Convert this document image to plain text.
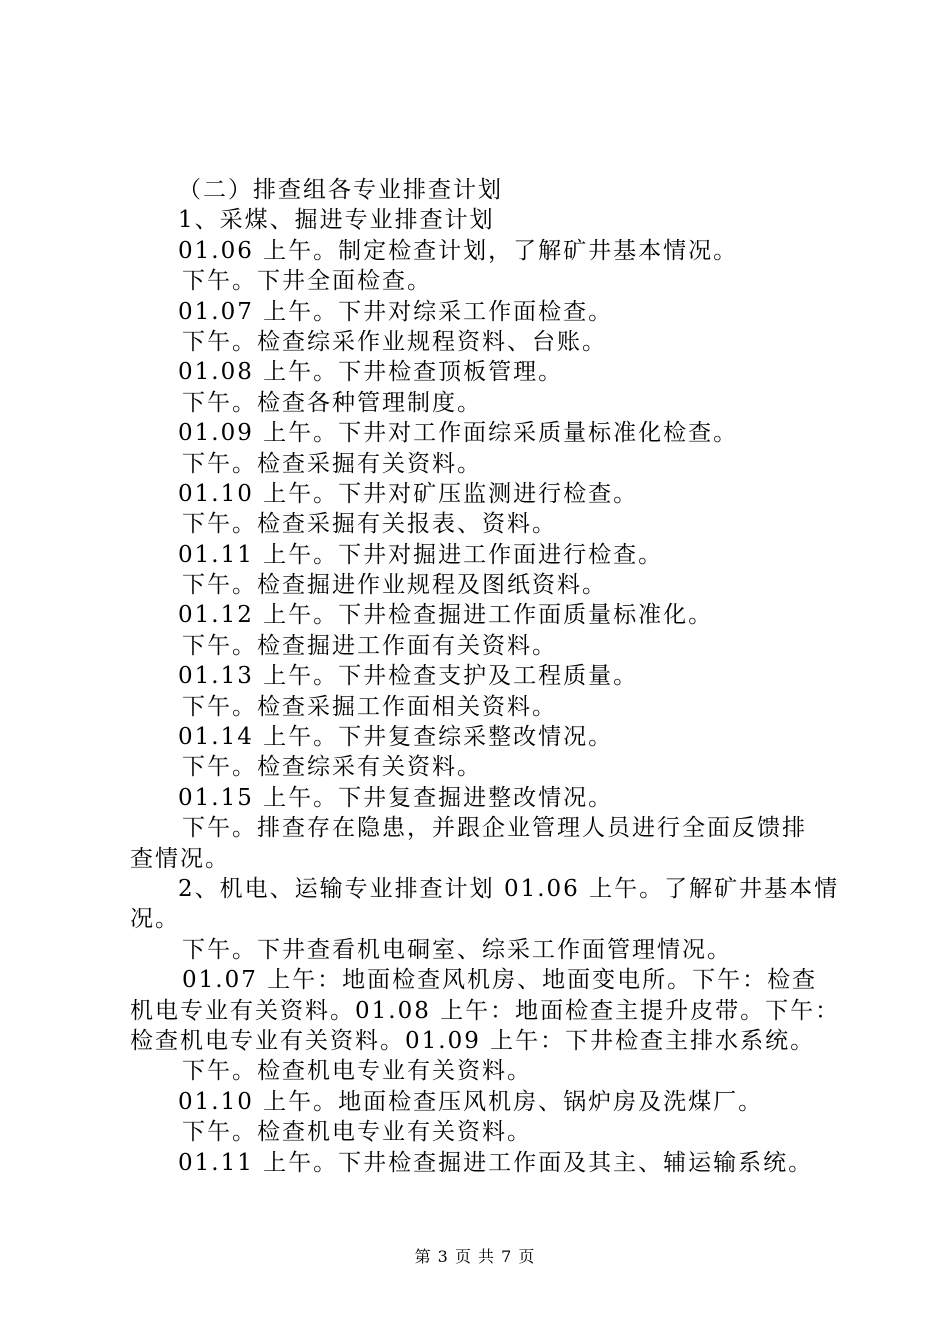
（二）排查组各专业排查计划
1、采煤、掘进专业排查计划
01.06 上午。制定检查计划，了解矿井基本情况。
下午。下井全面检查。
01.07 上午。下井对综采工作面检查。
下午。检查综采作业规程资料、台账。
01.08 上午。下井检查顶板管理。
下午。检查各种管理制度。
01.09 上午。下井对工作面综采质量标准化检查。
下午。检查采掘有关资料。
01.10 上午。下井对矿压监测进行检查。
下午。检查采掘有关报表、资料。
01.11 上午。下井对掘进工作面进行检查。
下午。检查掘进作业规程及图纸资料。
01.12 上午。下井检查掘进工作面质量标准化。
下午。检查掘进工作面有关资料。
01.13 上午。下井检查支护及工程质量。
下午。检查采掘工作面相关资料。
01.14 上午。下井复查综采整改情况。
下午。检查综采有关资料。
01.15 上午。下井复查掘进整改情况。
下午。排查存在隐患，并跟企业管理人员进行全面反馈排
查情况。
2、机电、运输专业排查计划 01.06 上午。了解矿井基本情
况。
下午。下井查看机电硐室、综采工作面管理情况。
01.07 上午：地面检查风机房、地面变电所。下午：检查
机电专业有关资料。01.08 上午：地面检查主提升皮带。下午：
检查机电专业有关资料。01.09 上午：下井检查主排水系统。
下午。检查机电专业有关资料。
01.10 上午。地面检查压风机房、锅炉房及洗煤厂。
下午。检查机电专业有关资料。
01.11 上午。下井检查掘进工作面及其主、辅运输系统。
第 3 页 共 7 页
